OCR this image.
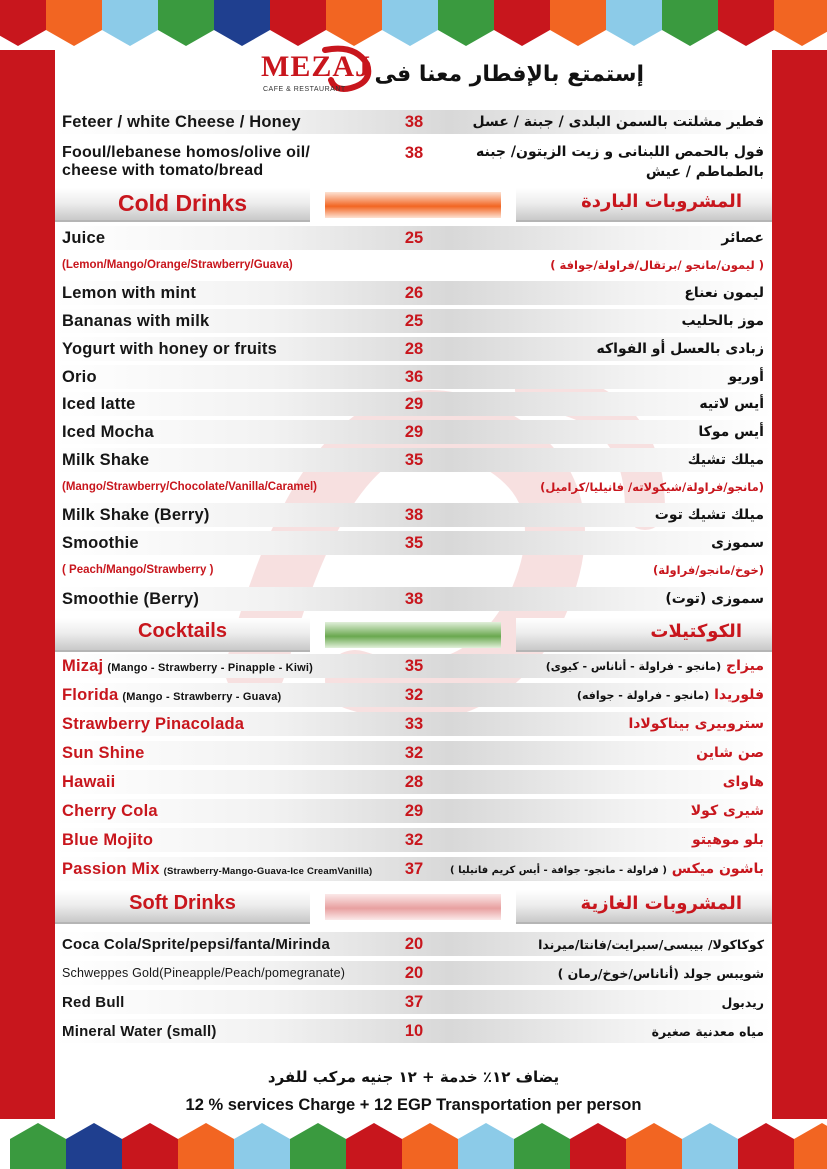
MEZAJ
CAFE & RESTAURANT
إستمتع بالإفطار معنا فى
Feteer / white Cheese / Honey	38	فطير مشلتت بالسمن البلدى / جبنة / عسل
Fooul/lebanese homos/olive oil/ cheese with tomato/bread
38	فول بالحمص اللبنانى و زيت الزيتون/ جبنه بالطماطم / عيش
Cold Drinks	المشروبات الباردة
Juice	25	عصائر
(Lemon/Mango/Orange/Strawberry/Guava)	( ليمون/مانجو /برتقال/فراولة/جوافة )
Lemon with mint	26	ليمون نعناع
Bananas with milk	25	موز بالحليب
Yogurt with honey or fruits	28	زبادى بالعسل أو الفواكه
Orio	36	أوريو
Iced latte	29	أيس لاتيه
Iced Mocha	29	أيس موكا
Milk Shake	35	ميلك تشيك
(Mango/Strawberry/Chocolate/Vanilla/Caramel)	(مانجو/فراولة/شيكولاته/ فانيليا/كراميل)
Milk Shake (Berry)	38	ميلك تشيك توت
Smoothie	35	سموزى
( Peach/Mango/Strawberry )	(خوخ/مانجو/فراولة)
Smoothie (Berry)	38	سموزى (توت)
Cocktails	الكوكتيلات
Mizaj (Mango - Strawberry - Pinapple - Kiwi)	35	ميزاج (مانجو - فراولة - أناناس - كيوى)
Florida (Mango - Strawberry - Guava)	32	فلوريدا (مانجو - فراولة - جوافه)
Strawberry Pinacolada	33	ستروبيرى بيناكولادا
Sun Shine	32	صن شاين
Hawaii	28	هاواى
Cherry Cola	29	شيرى كولا
Blue Mojito	32	بلو موهيتو
Passion Mix (Strawberry-Mango-Guava-Ice CreamVanilla) 37	باشون ميكس ( فراولة - مانجو- جوافة - أيس كريم فانيليا )
Soft Drinks	المشروبات الغازية
Coca Cola/Sprite/pepsi/fanta/Mirinda	20	كوكاكولا/ بيبسى/سبرايت/فانتا/ميرندا
Schweppes Gold(Pineapple/Peach/pomegranate)	20	شويبس جولد (أناناس/خوخ/رمان )
Red Bull	37	ريدبول
Mineral Water (small)	10	مياه معدنية صغيرة
يضاف ١٢٪ خدمة + ١٢ جنيه مركب للفرد
12 % services Charge + 12 EGP Transportation per person
